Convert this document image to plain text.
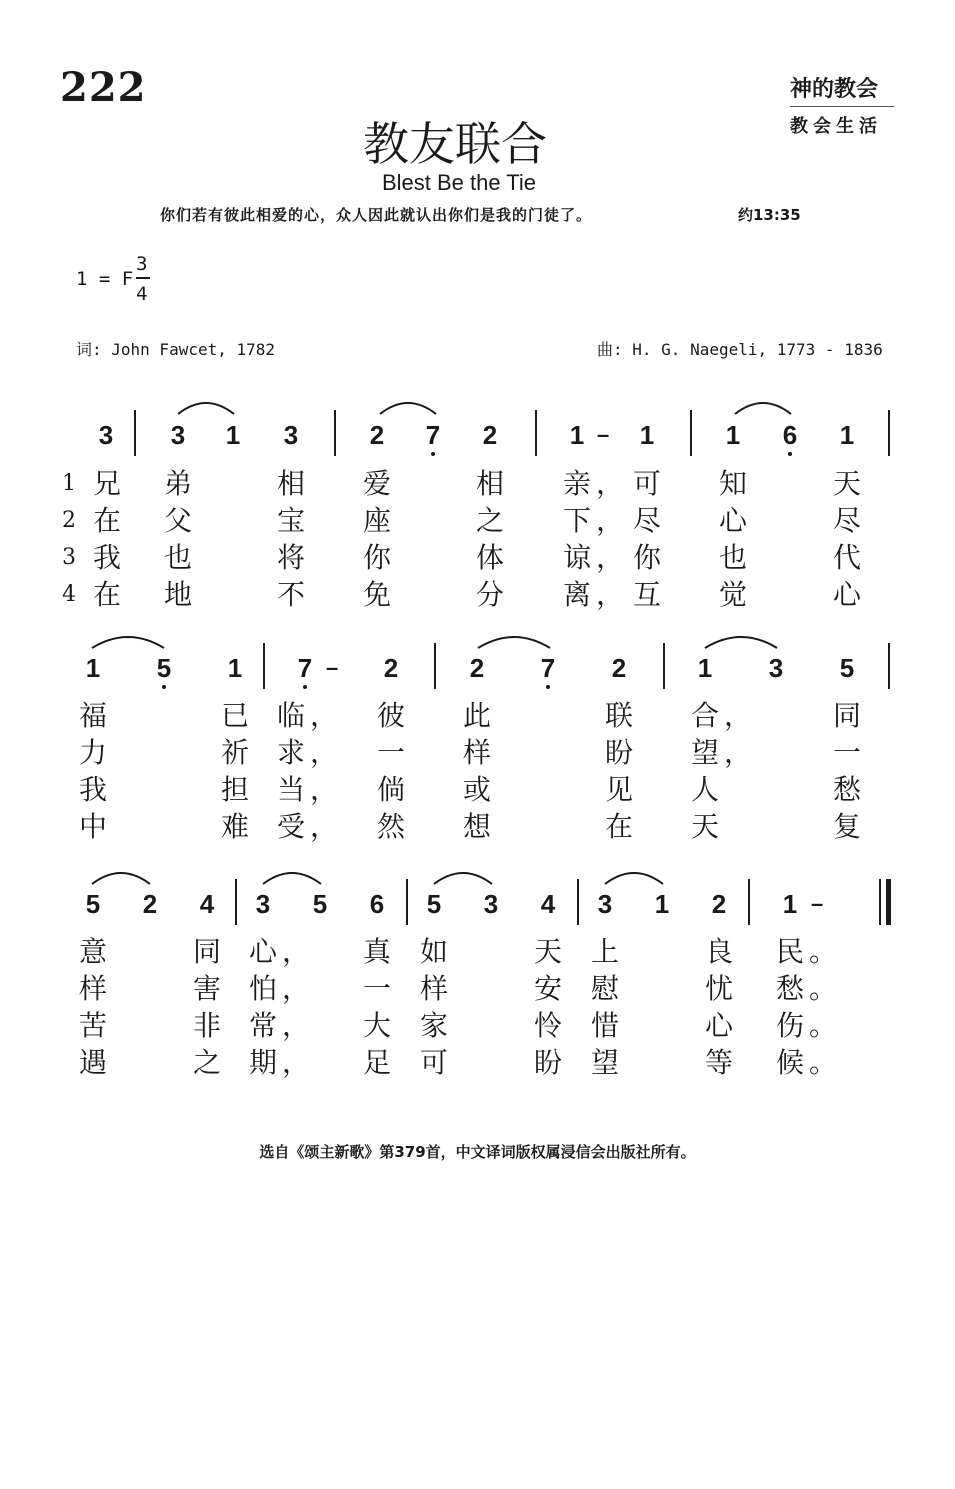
222	神的教会
教会生活
教友联合
Blest Be the Tie
你们若有彼此相爱的心，众人因此就认出你们是我的门徒了。	约13:35
1 = F
3
4
词: John Fawcet, 1782	曲: H. G. Naegeli, 1773 - 1836
3	3	1	3	2	7	2	1 –	1	1	6	1
1
2
3
4
兄 弟	相 爱	相 亲 ， 可 知	天
在 父	宝 座	之 下 ， 尽 心	尽
我 也	将 你	体 谅 ， 你 也	代
在 地	不 免	分 离 ， 互 觉	心
1	5	1	7 –	2	2	7	2	1	3	5
福	已 临 ， 彼 此	联 合 ，	同
力	祈 求 ， 一 样	盼 望 ，	一
我	担 当 ， 倘 或	见 人	愁
中	难 受 ， 然 想	在 天	复
5	2	4	3	5	6	5	3	4	3	1	2	1 –
意	同 心 ， 真 如	天 上	良 民 。
样	害 怕 ， 一 样	安 慰	忧 愁 。
苦	非 常 ， 大 家	怜 惜	心 伤 。
遇	之 期 ， 足 可	盼 望	等 候 。
选自《颂主新歌》第379首，中文译词版权属浸信会出版社所有。
